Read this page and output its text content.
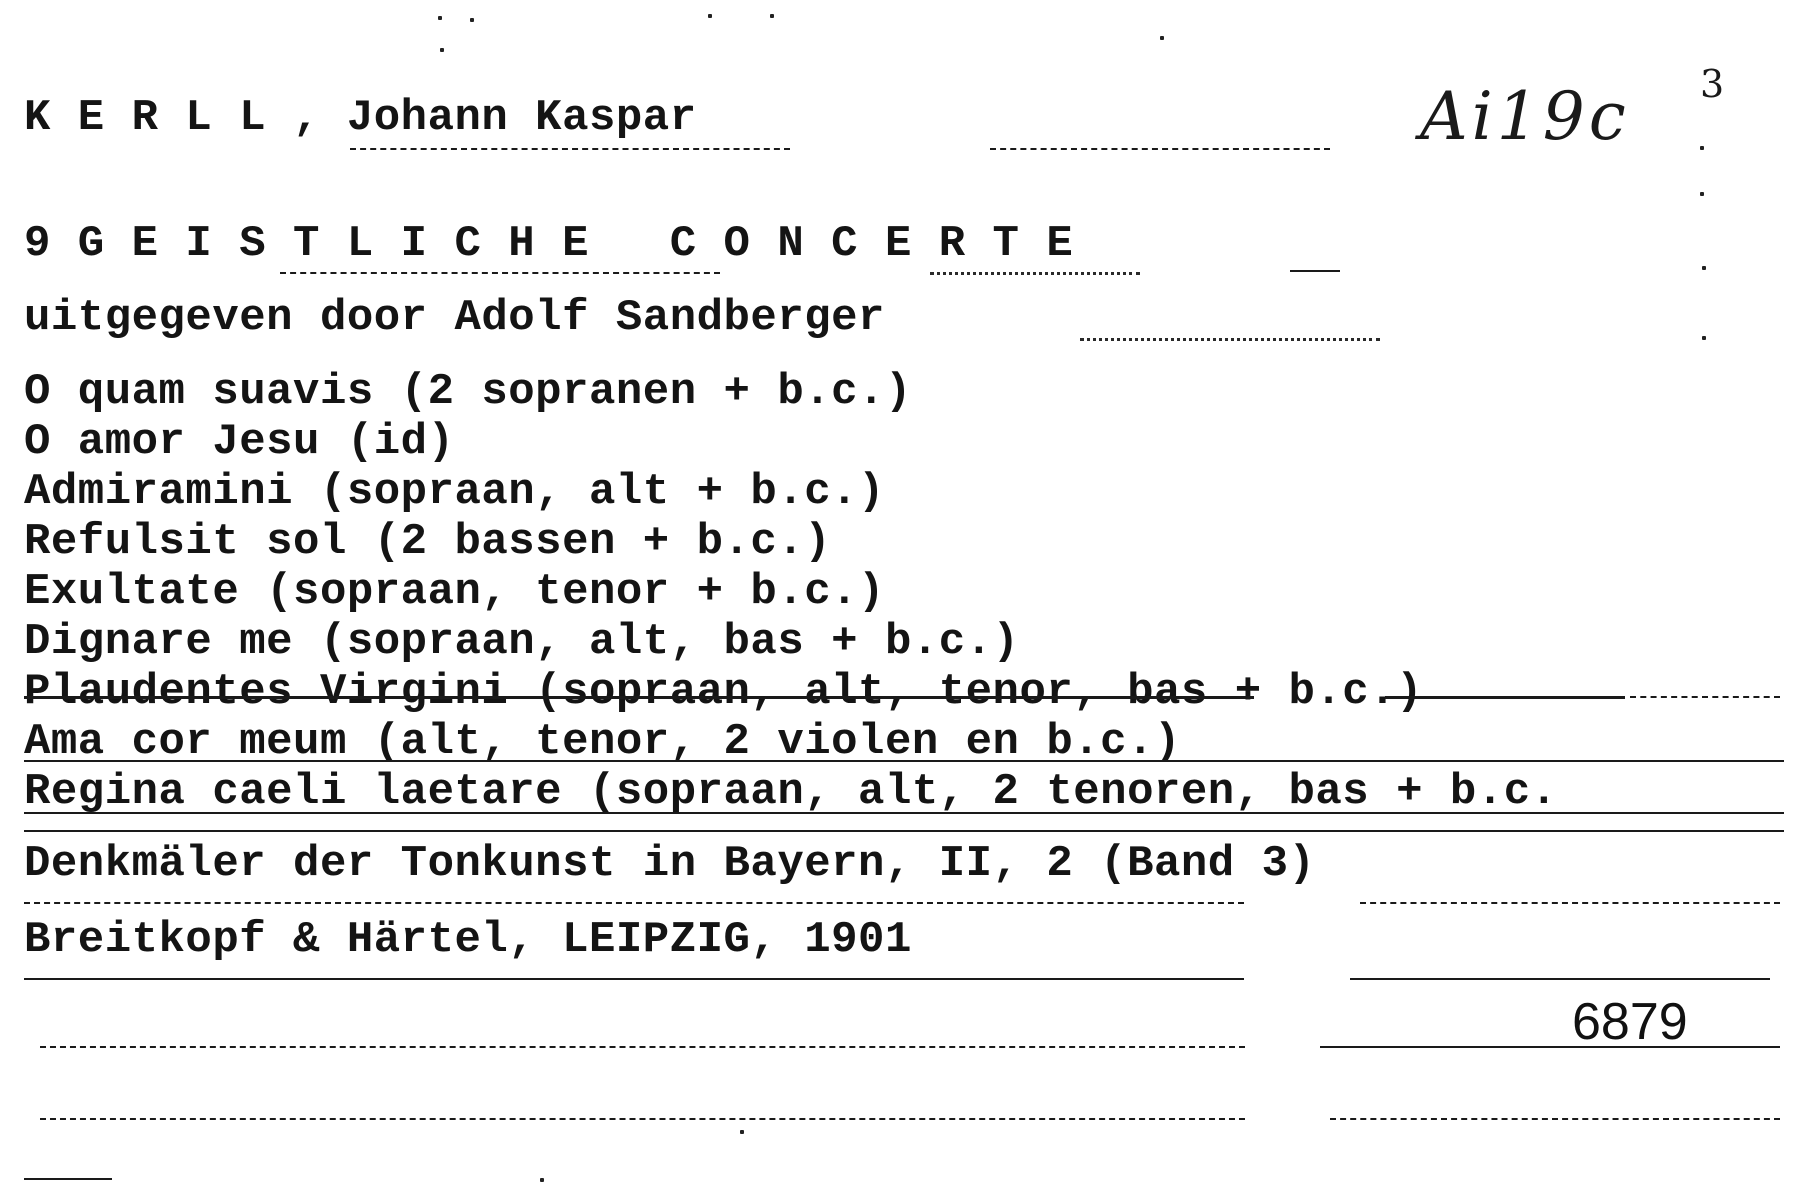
K E R L L , Johann Kaspar	Ai19c 3
9 G E I S T L I C H E   C O N C E R T E
uitgegeven door Adolf Sandberger
O quam suavis (2 sopranen + b.c.)
O amor Jesu (id)
Admiramini (sopraan, alt + b.c.)
Refulsit sol (2 bassen + b.c.)
Exultate (sopraan, tenor + b.c.)
Dignare me (sopraan, alt, bas + b.c.)
Plaudentes Virgini (sopraan, alt, tenor, bas + b.c.)
Ama cor meum (alt, tenor, 2 violen en b.c.)
Regina caeli laetare (sopraan, alt, 2 tenoren, bas + b.c.
Denkmäler der Tonkunst in Bayern, II, 2 (Band 3)
Breitkopf & Härtel, LEIPZIG, 1901
6879
